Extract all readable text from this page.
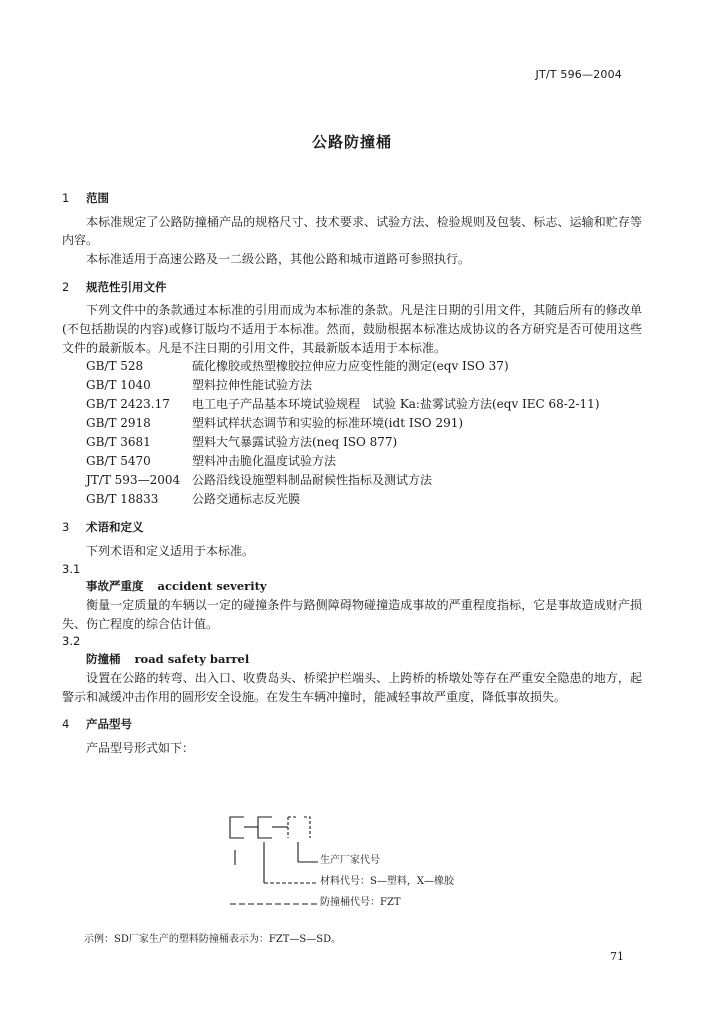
JT/T 596—2004
公路防撞桶
1 范围

本标准规定了公路防撞桶产品的规格尺寸、技术要求、试验方法、检验规则及包装、标志、运输和贮存等内容。

本标准适用于高速公路及一二级公路，其他公路和城市道路可参照执行。

2 规范性引用文件

下列文件中的条款通过本标准的引用而成为本标准的条款。凡是注日期的引用文件，其随后所有的修改单(不包括勘误的内容)或修订版均不适用于本标准。然而，鼓励根据本标准达成协议的各方研究是否可使用这些文件的最新版本。凡是不注日期的引用文件，其最新版本适用于本标准。

GB/T 528	硫化橡胶或热塑橡胶拉伸应力应变性能的测定(eqv ISO 37)
GB/T 1040	塑料拉伸性能试验方法
GB/T 2423.17	电工电子产品基本环境试验规程　试验 Ka:盐雾试验方法(eqv IEC 68-2-11)
GB/T 2918	塑料试样状态调节和实验的标准环境(idt ISO 291)
GB/T 3681	塑料大气暴露试验方法(neq ISO 877)
GB/T 5470	塑料冲击脆化温度试验方法
JT/T 593—2004 公路沿线设施塑料制品耐候性指标及测试方法
GB/T 18833	公路交通标志反光膜
3 术语和定义

下列术语和定义适用于本标准。

3.1
事故严重度 accident severity

衡量一定质量的车辆以一定的碰撞条件与路侧障碍物碰撞造成事故的严重程度指标，它是事故造成财产损失、伤亡程度的综合估计值。

3.2
防撞桶 road safety barrel

设置在公路的转弯、出入口、收费岛头、桥梁护栏端头、上跨桥的桥墩处等存在严重安全隐患的地方，起警示和减缓冲击作用的圆形安全设施。在发生车辆冲撞时，能减轻事故严重度，降低事故损失。

4 产品型号

产品型号形式如下：

生产厂家代号
材料代号：S—塑料，X—橡胶
防撞桶代号：FZT
示例：SD厂家生产的塑料防撞桶表示为：FZT—S—SD。
71
